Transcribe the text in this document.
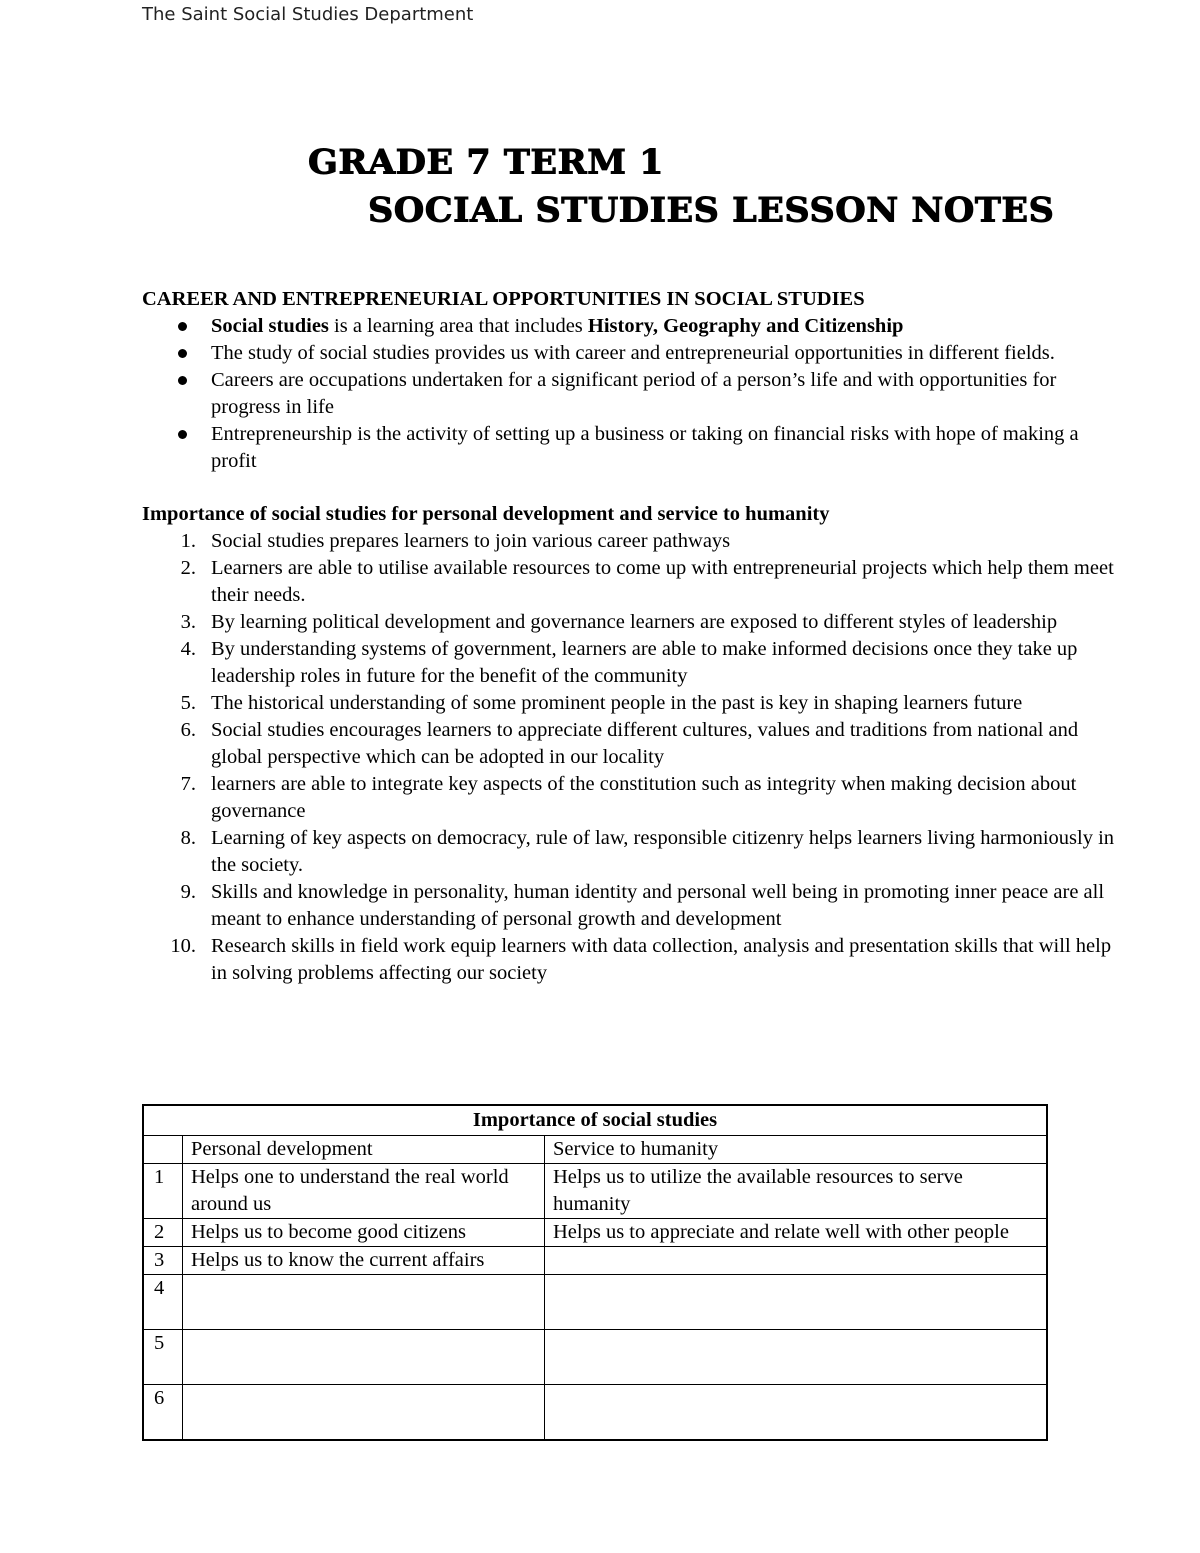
The Saint Social Studies Department
GRADE 7 TERM 1
SOCIAL STUDIES LESSON NOTES

CAREER AND ENTREPRENEURIAL OPPORTUNITIES IN SOCIAL STUDIES

Social studies is a learning area that includes History, Geography and Citizenship
The study of social studies provides us with career and entrepreneurial opportunities in different fields.
Careers are occupations undertaken for a significant period of a person’s life and with opportunities for progress in life
Entrepreneurship is the activity of setting up a business or taking on financial risks with hope of making a profit

Importance of social studies for personal development and service to humanity

1. Social studies prepares learners to join various career pathways
2. Learners are able to utilise available resources to come up with entrepreneurial projects which help them meet their needs.
3. By learning political development and governance learners are exposed to different styles of leadership
4. By understanding systems of government, learners are able to make informed decisions once they take up leadership roles in future for the benefit of the community
5. The historical understanding of some prominent people in the past is key in shaping learners future
6. Social studies encourages learners to appreciate different cultures, values and traditions from national and global perspective which can be adopted in our locality
7. learners are able to integrate key aspects of the constitution such as integrity when making decision about governance
8. Learning of key aspects on democracy, rule of law, responsible citizenry helps learners living harmoniously in the society.
9. Skills and knowledge in personality, human identity and personal well being in promoting inner peace are all meant to enhance understanding of personal growth and development
10. Research skills in field work equip learners with data collection, analysis and presentation skills that will help in solving problems affecting our society
Importance of social studies		
	Personal development	Service to humanity
1	Helps one to understand the real world around us	Helps us to utilize the available resources to serve humanity
2	Helps us to become good citizens	Helps us to appreciate and relate well with other people
3	Helps us to know the current affairs	
4		
5		
6		
